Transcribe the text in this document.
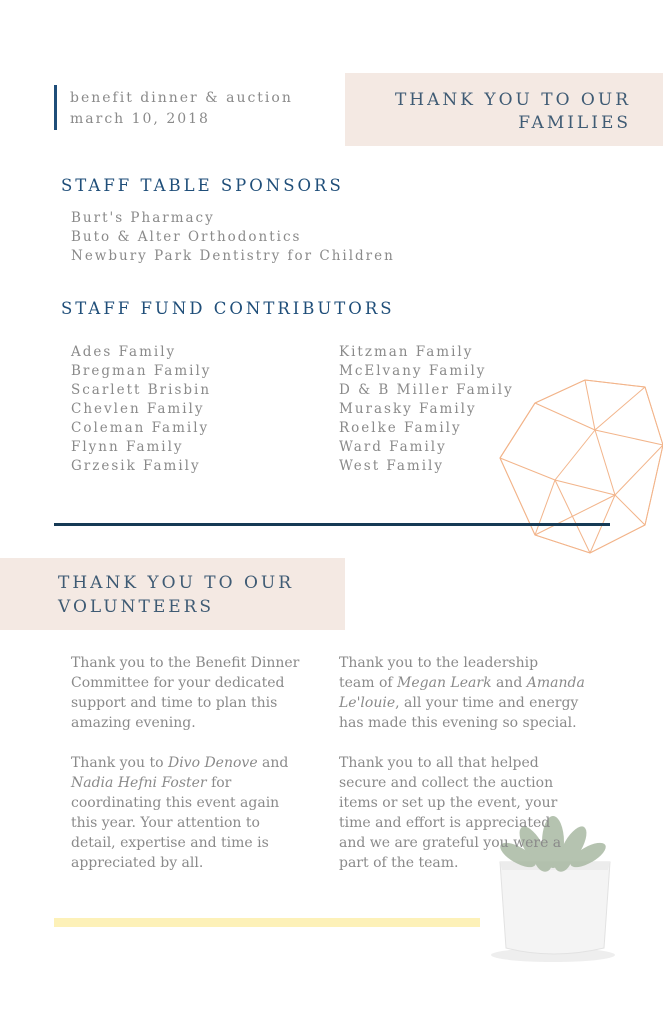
benefit dinner & auction
march 10, 2018
THANK YOU TO OUR
FAMILIES
STAFF TABLE SPONSORS
Burt's Pharmacy
Buto & Alter Orthodontics
Newbury Park Dentistry for Children
STAFF FUND CONTRIBUTORS
Ades Family
Bregman Family
Scarlett Brisbin
Chevlen Family
Coleman Family
Flynn Family
Grzesik Family
Kitzman Family
McElvany Family
D & B Miller Family
Murasky Family
Roelke Family
Ward Family
West Family
THANK YOU TO OUR
VOLUNTEERS
Thank you to the Benefit Dinner
Committee for your dedicated
support and time to plan this
amazing evening.
Thank you to Divo Denove and
Nadia Hefni Foster for
coordinating this event again
this year. Your attention to
detail, expertise and time is
appreciated by all.
Thank you to the leadership
team of Megan Leark and Amanda
Le'louie, all your time and energy
has made this evening so special.
Thank you to all that helped
secure and collect the auction
items or set up the event, your
time and effort is appreciated
and we are grateful you were a
part of the team.
